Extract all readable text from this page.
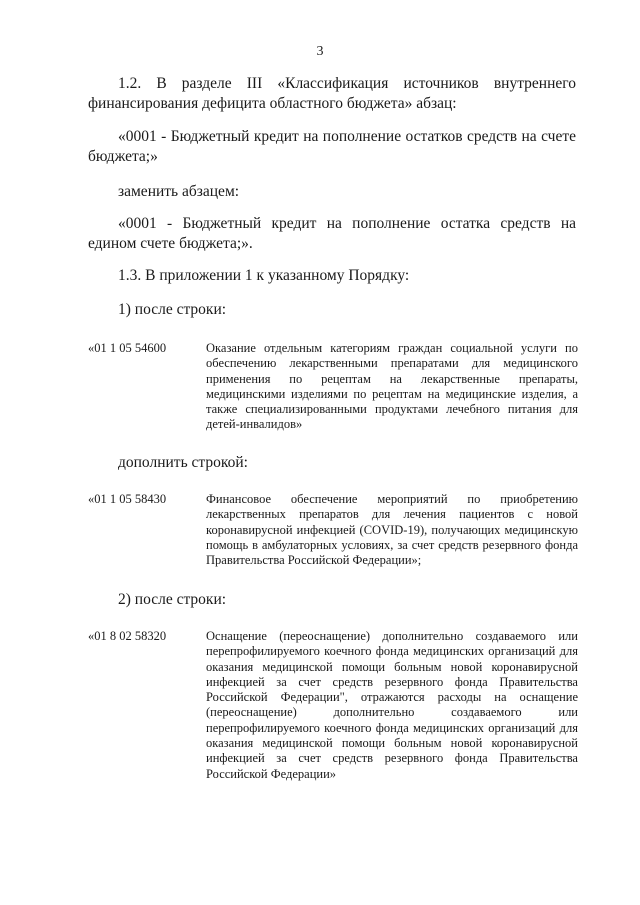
3
1.2. В разделе III «Классификация источников внутреннего финансирования дефицита областного бюджета» абзац:
«0001 - Бюджетный кредит на пополнение остатков средств на счете бюджета;»
заменить абзацем:
«0001 - Бюджетный кредит на пополнение остатка средств на едином счете бюджета;».
1.3. В приложении 1 к указанному Порядку:
1) после строки:
«01 1 05 54600	Оказание отдельным категориям граждан социальной услуги по обеспечению лекарственными препаратами для медицинского применения по рецептам на лекарственные препараты, медицинскими изделиями по рецептам на медицинские изделия, а также специализированными продуктами лечебного питания для детей-инвалидов»
дополнить строкой:
«01 1 05 58430	Финансовое обеспечение мероприятий по приобретению лекарственных препаратов для лечения пациентов с новой коронавирусной инфекцией (COVID-19), получающих медицинскую помощь в амбулаторных условиях, за счет средств резервного фонда Правительства Российской Федерации»;
2) после строки:
«01 8 02 58320	Оснащение (переоснащение) дополнительно создаваемого или перепрофилируемого коечного фонда медицинских организаций для оказания медицинской помощи больным новой коронавирусной инфекцией за счет средств резервного фонда Правительства Российской Федерации", отражаются расходы на оснащение (переоснащение) дополнительно создаваемого или перепрофилируемого коечного фонда медицинских организаций для оказания медицинской помощи больным новой коронавирусной инфекцией за счет средств резервного фонда Правительства Российской Федерации»
